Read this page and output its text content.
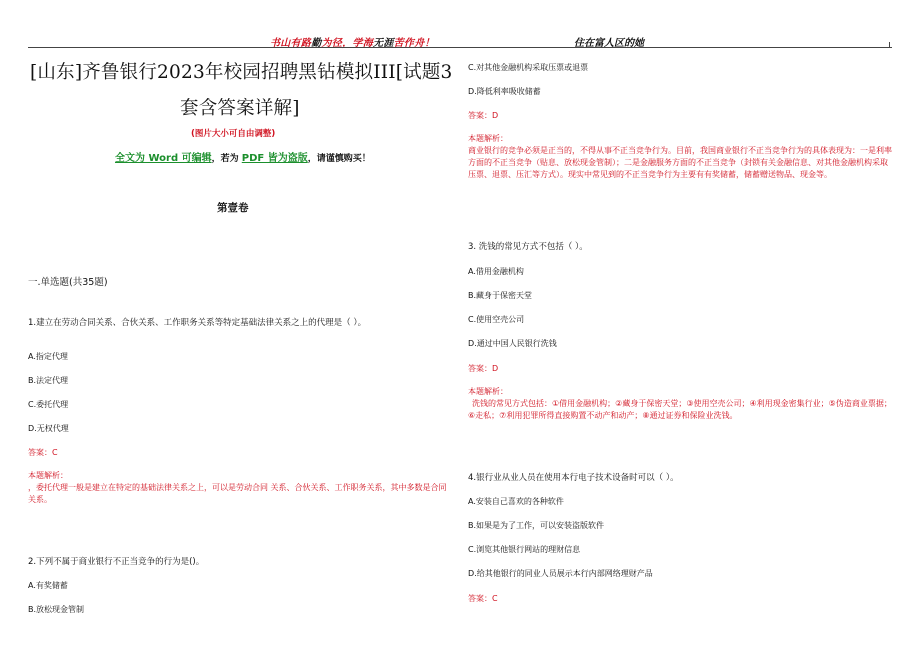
书山有路勤为径，学海无涯苦作舟！	住在富人区的她
[山东]齐鲁银行2023年校园招聘黑钻模拟III[试题3
套含答案详解]
(图片大小可自由调整)
全文为 Word 可编辑，若为 PDF 皆为盗版，请谨慎购买！
第壹卷
一.单选题(共35题)
1.建立在劳动合同关系、合伙关系、工作职务关系等特定基础法律关系之上的代理是（ ）。
A.指定代理
B.法定代理
C.委托代理
D.无权代理
答案：C
本题解析：
，委托代理一般是建立在特定的基础法律关系之上，可以是劳动合同 关系、合伙关系、工作职务关系，其中多数是合同关系。
2.下列不属于商业银行不正当竞争的行为是()。
A.有奖储蓄
B.放松现金管制
C.对其他金融机构采取压票或退票
D.降低利率吸收储蓄
答案：D
本题解析：
商业银行的竞争必须是正当的，不得从事不正当竞争行为。目前，我国商业银行不正当竞争行为的具体表现为：一是利率方面的不正当竞争（贴息、放松现金管制）；二是金融服务方面的不正当竞争（封锁有关金融信息、对其他金融机构采取压票、退票、压汇等方式）。现实中常见到的不正当竞争行为主要有有奖储蓄，储蓄赠送物品、现金等。
3. 洗钱的常见方式不包括（ ）。
A.借用金融机构
B.藏身于保密天堂
C.使用空壳公司
D.通过中国人民银行洗钱
答案：D
本题解析：
洗钱的常见方式包括：①借用金融机构；②藏身于保密天堂；③使用空壳公司；④利用现金密集行业；⑤伪造商业票据；⑥走私；⑦利用犯罪所得直接购置不动产和动产；⑧通过证券和保险业洗钱。
4.银行业从业人员在使用本行电子技术设备时可以（ ）。
A.安装自己喜欢的各种软件
B.如果是为了工作，可以安装盗版软件
C.浏览其他银行网站的理财信息
D.给其他银行的同业人员展示本行内部网络理财产品
答案：C
